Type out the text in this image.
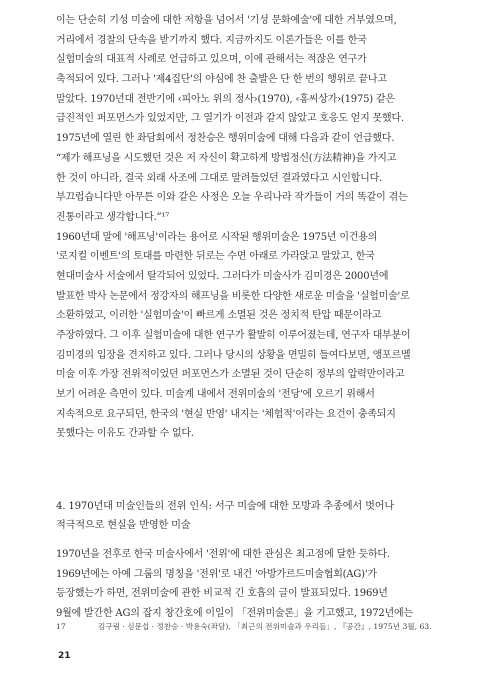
이는 단순히 기성 미술에 대한 저항을 넘어서 '기성 문화예술'에 대한 거부였으며,
거리에서 경찰의 단속을 받기까지 했다. 지금까지도 이론가들은 이를 한국
실험미술의 대표적 사례로 언급하고 있으며, 이에 관해서는 적잖은 연구가
축적되어 있다. 그러나 '제4집단'의 야심에 찬 출발은 단 한 번의 행위로 끝나고
말았다. 1970년대 전반기에 ‹피아노 위의 정사›(1970), ‹홍씨상가›(1975) 같은
급진적인 퍼포먼스가 있었지만, 그 열기가 이전과 같지 않았고 호응도 얻지 못했다.
1975년에 열린 한 좌담회에서 정찬승은 행위미술에 대해 다음과 같이 언급했다.
“제가 해프닝을 시도했던 것은 저 자신이 확고하게 방법정신(方法精神)을 가지고
한 것이 아니라, 결국 외래 사조에 그대로 말려들었던 결과였다고 시인합니다.
부끄럽습니다만 아무튼 이와 같은 사정은 오늘 우리나라 작가들이 거의 똑같이 겪는
진통이라고 생각합니다.”¹⁷
1960년대 말에 '해프닝'이라는 용어로 시작된 행위미술은 1975년 이건용의
'로지컬 이벤트'의 토대를 마련한 뒤로는 수면 아래로 가라앉고 말았고, 한국
현대미술사 서술에서 탈각되어 있었다. 그러다가 미술사가 김미경은 2000년에
발표한 박사 논문에서 정강자의 해프닝을 비롯한 다양한 새로운 미술을 '실험미술'로
소환하였고, 이러한 '실험미술'이 빠르게 소멸된 것은 정치적 탄압 때문이라고
주장하였다. 그 이후 실험미술에 대한 연구가 활발히 이루어졌는데, 연구자 대부분이
김미경의 입장을 견지하고 있다. 그러나 당시의 상황을 면밀히 들여다보면, 앵포르멜
미술 이후 가장 전위적이었던 퍼포먼스가 소멸된 것이 단순히 정부의 압력만이라고
보기 어려운 측면이 있다. 미술계 내에서 전위미술의 '전당'에 오르기 위해서
지속적으로 요구되던, 한국의 '현실 반영' 내지는 '체험적'이라는 요건이 충족되지
못했다는 이유도 간과할 수 없다.
4. 1970년대 미술인들의 전위 인식: 서구 미술에 대한 모방과 추종에서 벗어나
적극적으로 현실을 반영한 미술
1970년을 전후로 한국 미술사에서 '전위'에 대한 관심은 최고점에 달한 듯하다.
1969년에는 아예 그룹의 명칭을 '전위'로 내건 '아방가르드미술협회(AG)'가
등장했는가 하면, 전위미술에 관한 비교적 긴 호흡의 글이 발표되었다. 1969년
9월에 발간한 AG의 잡지 창간호에 이일이 「전위미술론」을 기고했고, 1972년에는
17	김구림 · 심문섭 · 정찬승 · 박용숙(좌담), 「최근의 전위미술과 우리들」, 『공간』, 1975년 3월, 63.
21
